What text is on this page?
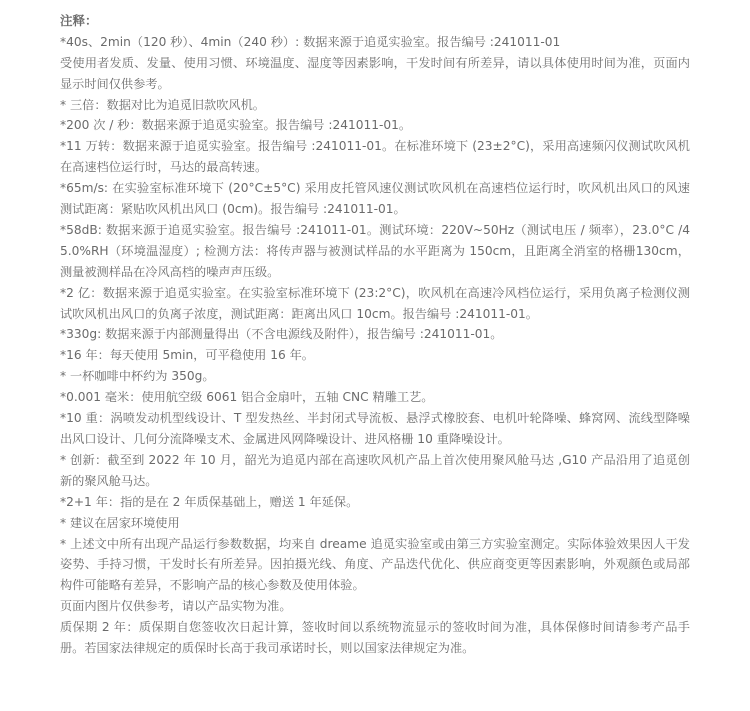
注释：

*40s、2min（120 秒）、4min（240 秒）: 数据来源于追觅实验室。报告编号 :241011-01
受使用者发质、发量、使用习惯、环境温度、湿度等因素影响，干发时间有所差异，请以具体使用时间为准，页面内显示时间仅供参考。
* 三倍：数据对比为追觅旧款吹风机。
*200 次 / 秒：数据来源于追觅实验室。报告编号 :241011-01。
*11 万转：数据来源于追觅实验室。报告编号 :241011-01。在标准环境下 (23±2°C)，采用高速频闪仪测试吹风机在高速档位运行时，马达的最高转速。
*65m/s: 在实验室标准环境下 (20°C±5°C) 采用皮托管风速仪测试吹风机在高速档位运行时，吹风机出风口的风速测试距离：紧贴吹风机出风口 (0cm)。报告编号 :241011-01。
*58dB: 数据来源于追觅实验室。报告编号 :241011-01。测试环境：220V~50Hz（测试电压 / 频率），23.0°C /45.0%RH（环境温湿度）; 检测方法：将传声器与被测试样品的水平距离为 150cm，且距离全消室的格栅130cm，测量被测样品在冷风高档的噪声声压级。
*2 亿：数据来源于追觅实验室。在实验室标准环境下 (23:2°C)，吹风机在高速冷风档位运行，采用负离子检测仪测试吹风机出风口的负离子浓度，测试距离：距离出风口 10cm。报告编号 :241011-01。
*330g: 数据来源于内部测量得出（不含电源线及附件），报告编号 :241011-01。
*16 年：每天使用 5min，可平稳使用 16 年。
* 一杯咖啡中杯约为 350g。
*0.001 毫米：使用航空级 6061 铝合金扇叶，五轴 CNC 精雕工艺。
*10 重：涡喷发动机型线设计、T 型发热丝、半封闭式导流板、悬浮式橡胶套、电机叶轮降噪、蜂窝网、流线型降噪出风口设计、几何分流降噪支术、金属进风网降噪设计、进风格栅 10 重降噪设计。
* 创新：截至到 2022 年 10 月，韶光为追觅内部在高速吹风机产品上首次使用聚风舱马达 ,G10 产品沿用了追觅创新的聚风舱马达。
*2+1 年：指的是在 2 年质保基础上，赠送 1 年延保。
* 建议在居家环境使用
* 上述文中所有出现产品运行参数数据，均来自 dreame 追觅实验室或由第三方实验室测定。实际体验效果因人干发姿势、手持习惯，干发时长有所差异。因拍摄光线、角度、产品迭代优化、供应商变更等因素影响，外观颜色或局部构件可能略有差异，不影响产品的核心参数及使用体验。
页面内图片仅供参考，请以产品实物为准。
质保期 2 年：质保期自您签收次日起计算，签收时间以系统物流显示的签收时间为准，具体保修时间请参考产品手册。若国家法律规定的质保时长高于我司承诺时长，则以国家法律规定为准。
